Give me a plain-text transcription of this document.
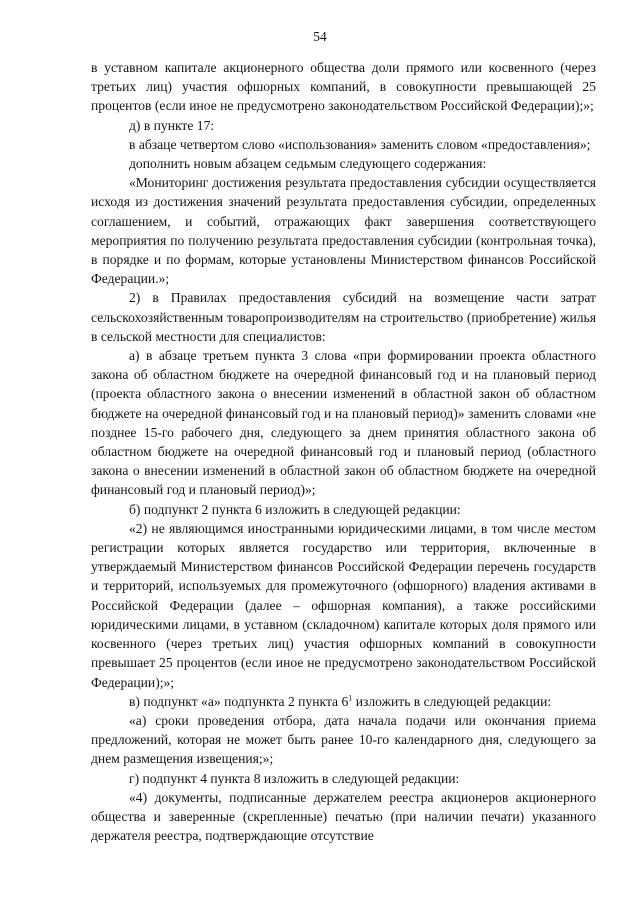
54

в уставном капитале акционерного общества доли прямого или косвенного (через третьих лиц) участия офшорных компаний, в совокупности превышающей 25 процентов (если иное не предусмотрено законодательством Российской Федерации);»;

д) в пункте 17:

в абзаце четвертом слово «использования» заменить словом «предоставления»;

дополнить новым абзацем седьмым следующего содержания:

«Мониторинг достижения результата предоставления субсидии осуществляется исходя из достижения значений результата предоставления субсидии, определенных соглашением, и событий, отражающих факт завершения соответствующего мероприятия по получению результата предоставления субсидии (контрольная точка), в порядке и по формам, которые установлены Министерством финансов Российской Федерации.»;

2) в Правилах предоставления субсидий на возмещение части затрат сельскохозяйственным товаропроизводителям на строительство (приобретение) жилья в сельской местности для специалистов:

а) в абзаце третьем пункта 3 слова «при формировании проекта областного закона об областном бюджете на очередной финансовый год и на плановый период (проекта областного закона о внесении изменений в областной закон об областном бюджете на очередной финансовый год и на плановый период)» заменить словами «не позднее 15-го рабочего дня, следующего за днем принятия областного закона об областном бюджете на очередной финансовый год и плановый период (областного закона о внесении изменений в областной закон об областном бюджете на очередной финансовый год и плановый период)»;

б) подпункт 2 пункта 6 изложить в следующей редакции:

«2) не являющимся иностранными юридическими лицами, в том числе местом регистрации которых является государство или территория, включенные в утверждаемый Министерством финансов Российской Федерации перечень государств и территорий, используемых для промежуточного (офшорного) владения активами в Российской Федерации (далее – офшорная компания), а также российскими юридическими лицами, в уставном (складочном) капитале которых доля прямого или косвенного (через третьих лиц) участия офшорных компаний в совокупности превышает 25 процентов (если иное не предусмотрено законодательством Российской Федерации);»;

в) подпункт «а» подпункта 2 пункта $6^1$ изложить в следующей редакции:

«а) сроки проведения отбора, дата начала подачи или окончания приема предложений, которая не может быть ранее 10-го календарного дня, следующего за днем размещения извещения;»;

г) подпункт 4 пункта 8 изложить в следующей редакции:

«4) документы, подписанные держателем реестра акционеров акционерного общества и заверенные (скрепленные) печатью (при наличии печати) указанного держателя реестра, подтверждающие отсутствие
